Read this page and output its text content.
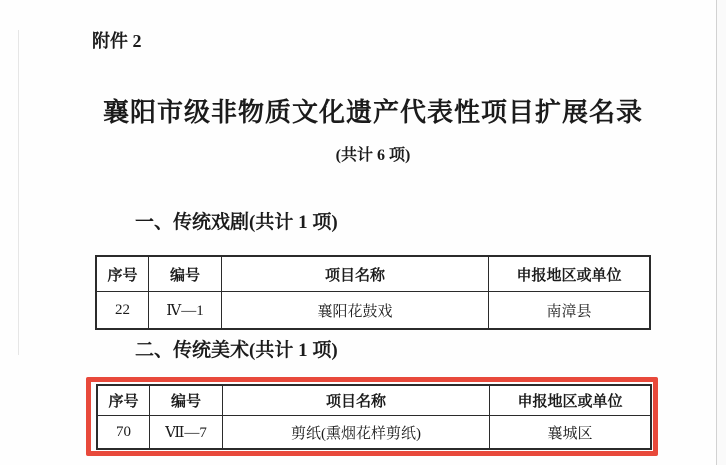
附件 2
襄阳市级非物质文化遗产代表性项目扩展名录
(共计 6 项)
一、传统戏剧(共计 1 项)
序号	编号	项目名称	申报地区或单位
22	Ⅳ—1	襄阳花鼓戏	南漳县
二、传统美术(共计 1 项)
序号	编号	项目名称	申报地区或单位
70	Ⅶ—7	剪纸(熏烟花样剪纸)	襄城区
